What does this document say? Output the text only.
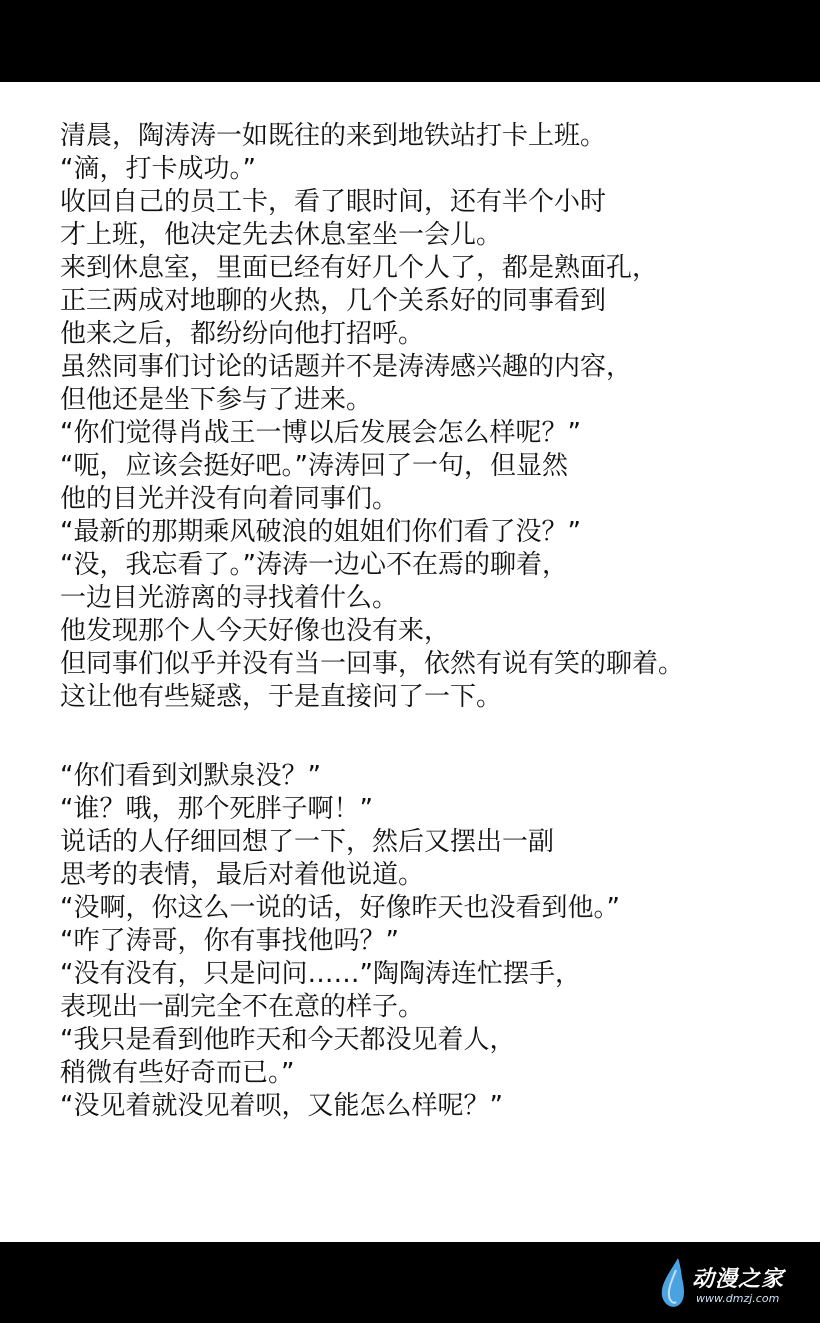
清晨，陶涛涛一如既往的来到地铁站打卡上班。
“滴，打卡成功。”
收回自己的员工卡，看了眼时间，还有半个小时
才上班，他决定先去休息室坐一会儿。
来到休息室，里面已经有好几个人了，都是熟面孔，
正三两成对地聊的火热，几个关系好的同事看到
他来之后，都纷纷向他打招呼。
虽然同事们讨论的话题并不是涛涛感兴趣的内容，
但他还是坐下参与了进来。
“你们觉得肖战王一博以后发展会怎么样呢？”
“呃，应该会挺好吧。”涛涛回了一句，但显然
他的目光并没有向着同事们。
“最新的那期乘风破浪的姐姐们你们看了没？”
“没，我忘看了。”涛涛一边心不在焉的聊着，
一边目光游离的寻找着什么。
他发现那个人今天好像也没有来，
但同事们似乎并没有当一回事，依然有说有笑的聊着。
这让他有些疑惑，于是直接问了一下。
“你们看到刘默泉没？”
“谁？哦，那个死胖子啊！”
说话的人仔细回想了一下，然后又摆出一副
思考的表情，最后对着他说道。
“没啊，你这么一说的话，好像昨天也没看到他。”
“咋了涛哥，你有事找他吗？”
“没有没有，只是问问……”陶陶涛连忙摆手，
表现出一副完全不在意的样子。
“我只是看到他昨天和今天都没见着人，
稍微有些好奇而已。”
“没见着就没见着呗，又能怎么样呢？”
动漫之家
www.dmzj.com
